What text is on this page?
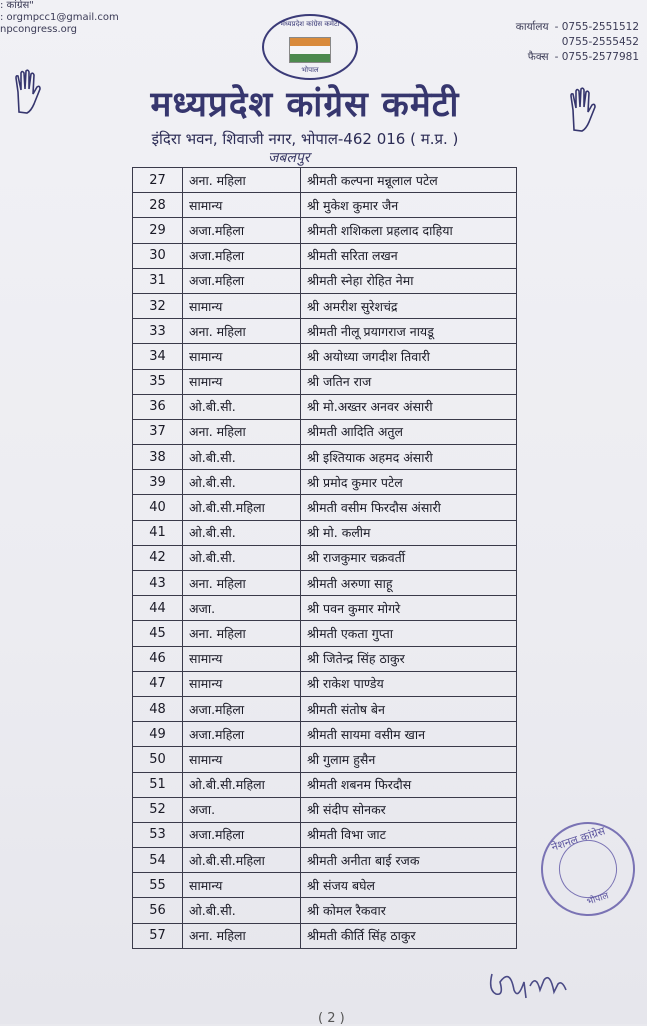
: कांग्रेस"
: orgmpcc1@gmail.com
npcongress.org	कार्यालय - 0755-2551512
0755-2555452
फैक्स - 0755-2577981
मध्यप्रदेश कांग्रेस कमेटी
भोपाल
मध्यप्रदेश कांग्रेस कमेटी
इंदिरा भवन, शिवाजी नगर, भोपाल-462 016 ( म.प्र. )
जबलपुर
27	अना. महिला	श्रीमती कल्पना मन्नूलाल पटेल
28	सामान्य	श्री मुकेश कुमार जैन
29	अजा.महिला	श्रीमती शशिकला प्रहलाद दाहिया
30	अजा.महिला	श्रीमती सरिता लखन
31	अजा.महिला	श्रीमती स्नेहा रोहित नेमा
32	सामान्य	श्री अमरीश सुरेशचंद्र
33	अना. महिला	श्रीमती नीलू प्रयागराज नायडू
34	सामान्य	श्री अयोध्या जगदीश तिवारी
35	सामान्य	श्री जतिन राज
36	ओ.बी.सी.	श्री मो.अख्तर अनवर अंसारी
37	अना. महिला	श्रीमती आदिति अतुल
38	ओ.बी.सी.	श्री इश्तियाक अहमद अंसारी
39	ओ.बी.सी.	श्री प्रमोद कुमार पटेल
40	ओ.बी.सी.महिला	श्रीमती वसीम फिरदौस अंसारी
41	ओ.बी.सी.	श्री मो. कलीम
42	ओ.बी.सी.	श्री राजकुमार चक्रवर्ती
43	अना. महिला	श्रीमती अरुणा साहू
44	अजा.	श्री पवन कुमार मोगरे
45	अना. महिला	श्रीमती एकता गुप्ता
46	सामान्य	श्री जितेन्द्र सिंह ठाकुर
47	सामान्य	श्री राकेश पाण्डेय
48	अजा.महिला	श्रीमती संतोष बेन
49	अजा.महिला	श्रीमती सायमा वसीम खान
50	सामान्य	श्री गुलाम हुसैन
51	ओ.बी.सी.महिला	श्रीमती शबनम फिरदौस
52	अजा.	श्री संदीप सोनकर
53	अजा.महिला	श्रीमती विभा जाट
54	ओ.बी.सी.महिला	श्रीमती अनीता बाई रजक
55	सामान्य	श्री संजय बघेल
56	ओ.बी.सी.	श्री कोमल रैकवार
57	अना. महिला	श्रीमती कीर्ति सिंह ठाकुर
नेशनल कांग्रेस
भोपाल
( 2 )
